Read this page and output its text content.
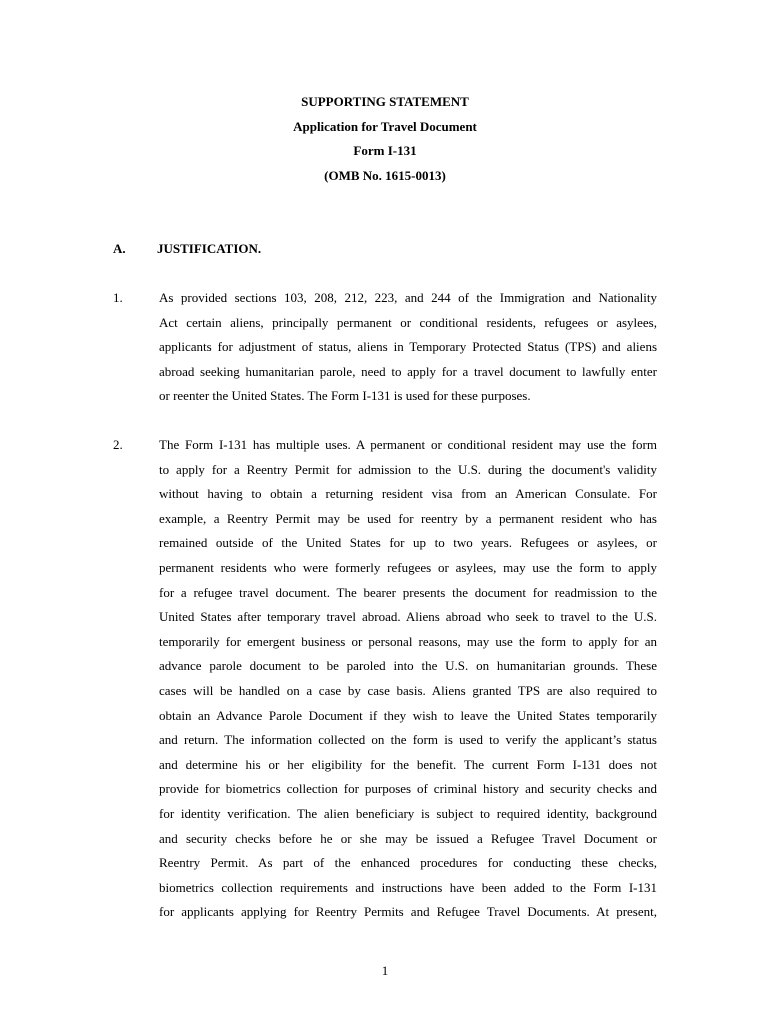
SUPPORTING STATEMENT
Application for Travel Document
Form I-131
(OMB No. 1615-0013)
A. JUSTIFICATION.
1.	As provided sections 103, 208, 212, 223, and 244 of the Immigration and Nationality
Act certain aliens, principally permanent or conditional residents, refugees or asylees,
applicants for adjustment of status, aliens in Temporary Protected Status (TPS) and aliens
abroad seeking humanitarian parole, need to apply for a travel document to lawfully enter
or reenter the United States. The Form I-131 is used for these purposes.
2.	The Form I-131 has multiple uses. A permanent or conditional resident may use the form
to apply for a Reentry Permit for admission to the U.S. during the document's validity
without having to obtain a returning resident visa from an American Consulate. For
example, a Reentry Permit may be used for reentry by a permanent resident who has
remained outside of the United States for up to two years. Refugees or asylees, or
permanent residents who were formerly refugees or asylees, may use the form to apply
for a refugee travel document. The bearer presents the document for readmission to the
United States after temporary travel abroad. Aliens abroad who seek to travel to the U.S.
temporarily for emergent business or personal reasons, may use the form to apply for an
advance parole document to be paroled into the U.S. on humanitarian grounds. These
cases will be handled on a case by case basis. Aliens granted TPS are also required to
obtain an Advance Parole Document if they wish to leave the United States temporarily
and return. The information collected on the form is used to verify the applicant’s status
and determine his or her eligibility for the benefit. The current Form I-131 does not
provide for biometrics collection for purposes of criminal history and security checks and
for identity verification. The alien beneficiary is subject to required identity, background
and security checks before he or she may be issued a Refugee Travel Document or
Reentry Permit. As part of the enhanced procedures for conducting these checks,
biometrics collection requirements and instructions have been added to the Form I-131
for applicants applying for Reentry Permits and Refugee Travel Documents. At present,
1
